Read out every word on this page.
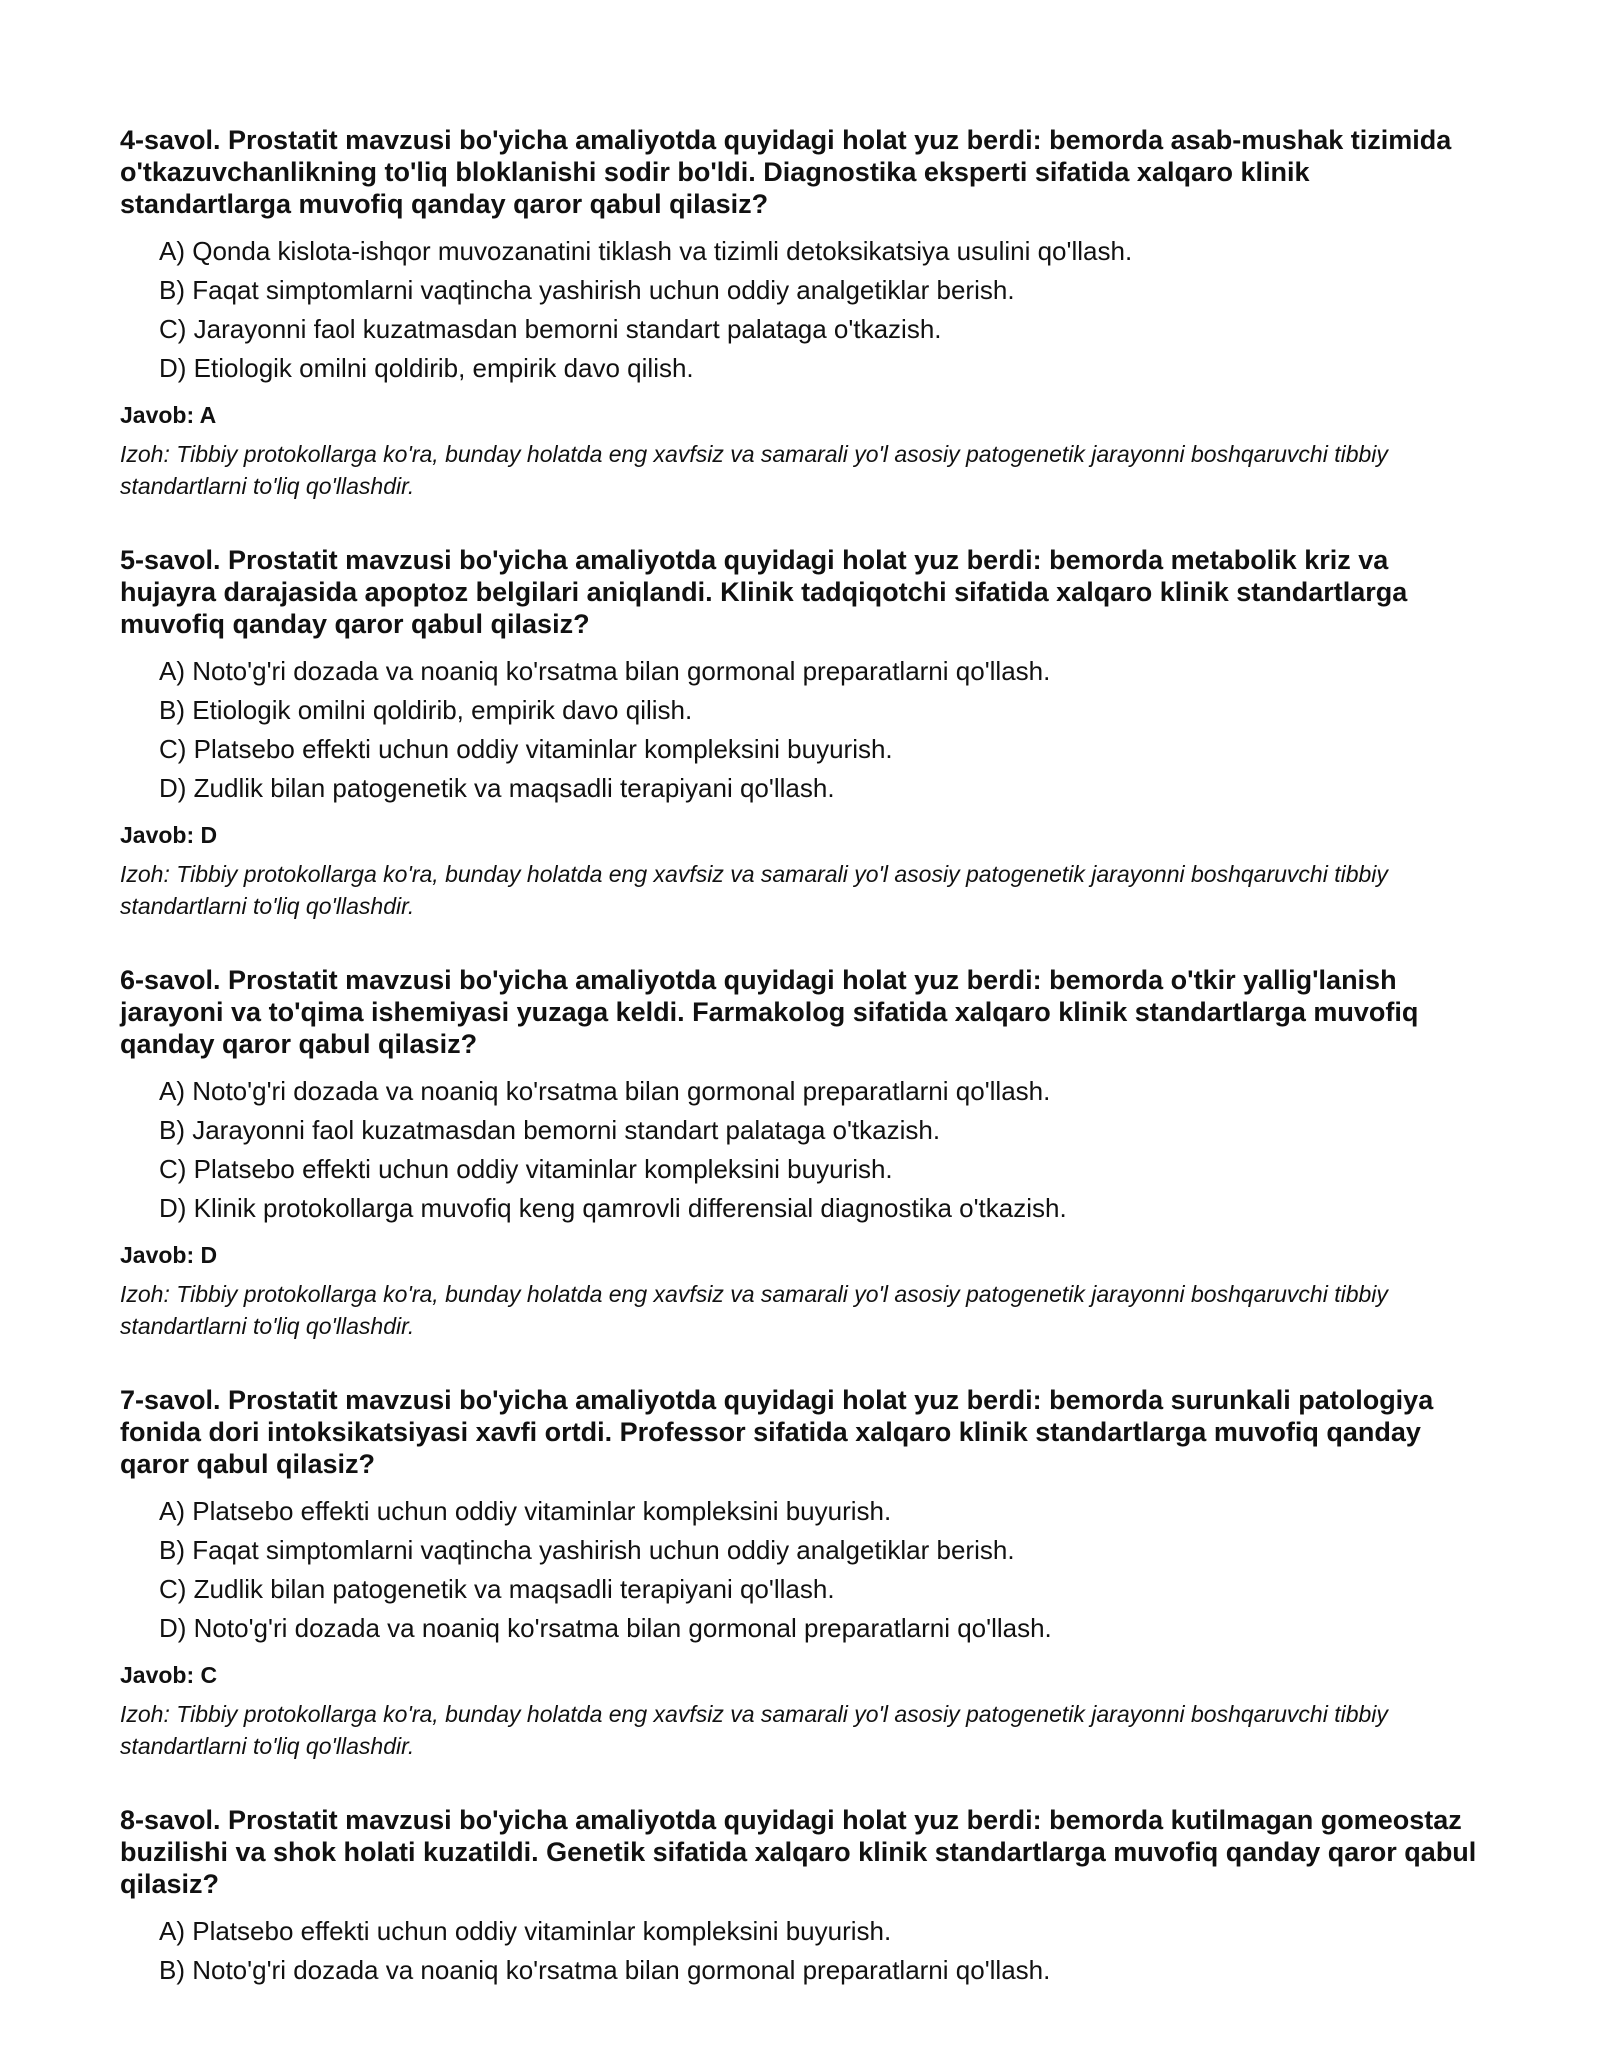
4-savol. Prostatit mavzusi bo'yicha amaliyotda quyidagi holat yuz berdi: bemorda asab-mushak tizimida o'tkazuvchanlikning to'liq bloklanishi sodir bo'ldi. Diagnostika eksperti sifatida xalqaro klinik standartlarga muvofiq qanday qaror qabul qilasiz?
A) Qonda kislota-ishqor muvozanatini tiklash va tizimli detoksikatsiya usulini qo'llash.
B) Faqat simptomlarni vaqtincha yashirish uchun oddiy analgetiklar berish.
C) Jarayonni faol kuzatmasdan bemorni standart palataga o'tkazish.
D) Etiologik omilni qoldirib, empirik davo qilish.
Javob: A

Izoh: Tibbiy protokollarga ko'ra, bunday holatda eng xavfsiz va samarali yo'l asosiy patogenetik jarayonni boshqaruvchi tibbiy standartlarni to'liq qo'llashdir.

5-savol. Prostatit mavzusi bo'yicha amaliyotda quyidagi holat yuz berdi: bemorda metabolik kriz va hujayra darajasida apoptoz belgilari aniqlandi. Klinik tadqiqotchi sifatida xalqaro klinik standartlarga muvofiq qanday qaror qabul qilasiz?
A) Noto'g'ri dozada va noaniq ko'rsatma bilan gormonal preparatlarni qo'llash.
B) Etiologik omilni qoldirib, empirik davo qilish.
C) Platsebo effekti uchun oddiy vitaminlar kompleksini buyurish.
D) Zudlik bilan patogenetik va maqsadli terapiyani qo'llash.
Javob: D

Izoh: Tibbiy protokollarga ko'ra, bunday holatda eng xavfsiz va samarali yo'l asosiy patogenetik jarayonni boshqaruvchi tibbiy standartlarni to'liq qo'llashdir.

6-savol. Prostatit mavzusi bo'yicha amaliyotda quyidagi holat yuz berdi: bemorda o'tkir yallig'lanish jarayoni va to'qima ishemiyasi yuzaga keldi. Farmakolog sifatida xalqaro klinik standartlarga muvofiq qanday qaror qabul qilasiz?
A) Noto'g'ri dozada va noaniq ko'rsatma bilan gormonal preparatlarni qo'llash.
B) Jarayonni faol kuzatmasdan bemorni standart palataga o'tkazish.
C) Platsebo effekti uchun oddiy vitaminlar kompleksini buyurish.
D) Klinik protokollarga muvofiq keng qamrovli differensial diagnostika o'tkazish.
Javob: D

Izoh: Tibbiy protokollarga ko'ra, bunday holatda eng xavfsiz va samarali yo'l asosiy patogenetik jarayonni boshqaruvchi tibbiy standartlarni to'liq qo'llashdir.

7-savol. Prostatit mavzusi bo'yicha amaliyotda quyidagi holat yuz berdi: bemorda surunkali patologiya fonida dori intoksikatsiyasi xavfi ortdi. Professor sifatida xalqaro klinik standartlarga muvofiq qanday qaror qabul qilasiz?
A) Platsebo effekti uchun oddiy vitaminlar kompleksini buyurish.
B) Faqat simptomlarni vaqtincha yashirish uchun oddiy analgetiklar berish.
C) Zudlik bilan patogenetik va maqsadli terapiyani qo'llash.
D) Noto'g'ri dozada va noaniq ko'rsatma bilan gormonal preparatlarni qo'llash.
Javob: C

Izoh: Tibbiy protokollarga ko'ra, bunday holatda eng xavfsiz va samarali yo'l asosiy patogenetik jarayonni boshqaruvchi tibbiy standartlarni to'liq qo'llashdir.

8-savol. Prostatit mavzusi bo'yicha amaliyotda quyidagi holat yuz berdi: bemorda kutilmagan gomeostaz buzilishi va shok holati kuzatildi. Genetik sifatida xalqaro klinik standartlarga muvofiq qanday qaror qabul qilasiz?
A) Platsebo effekti uchun oddiy vitaminlar kompleksini buyurish.
B) Noto'g'ri dozada va noaniq ko'rsatma bilan gormonal preparatlarni qo'llash.
